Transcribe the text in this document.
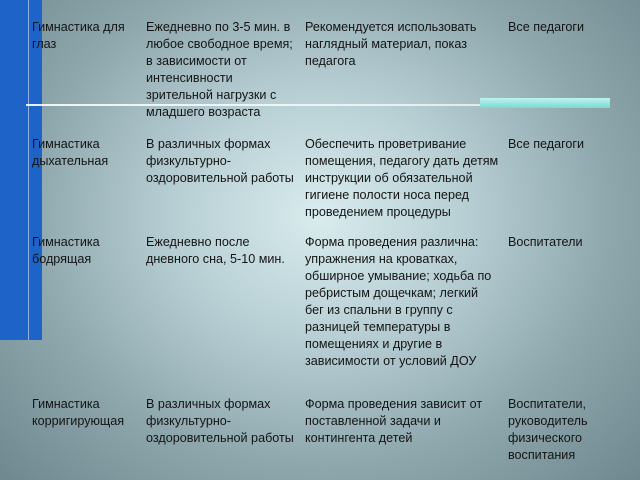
Гимнастика для глаз
Ежедневно по 3-5 мин. в любое свободное время; в зависимости от интенсивности зрительной нагрузки с младшего возраста
Рекомендуется использовать наглядный материал, показ педагога
Все педагоги
Гимнастика дыхательная
В различных формах физкультурно-оздоровительной работы
Обеспечить проветривание помещения, педагогу дать детям инструкции об обязательной гигиене полости носа перед проведением процедуры
Все педагоги
Гимнастика бодрящая
Ежедневно после дневного сна, 5-10 мин.
Форма проведения различна: упражнения на кроватках, обширное умывание; ходьба по ребристым дощечкам; легкий бег из спальни в группу с разницей температуры в помещениях и другие в зависимости от условий ДОУ
Воспитатели
Гимнастика корригирующая
В различных формах физкультурно-оздоровительной работы
Форма проведения зависит от поставленной задачи и контингента детей
Воспитатели, руководитель физического воспитания
